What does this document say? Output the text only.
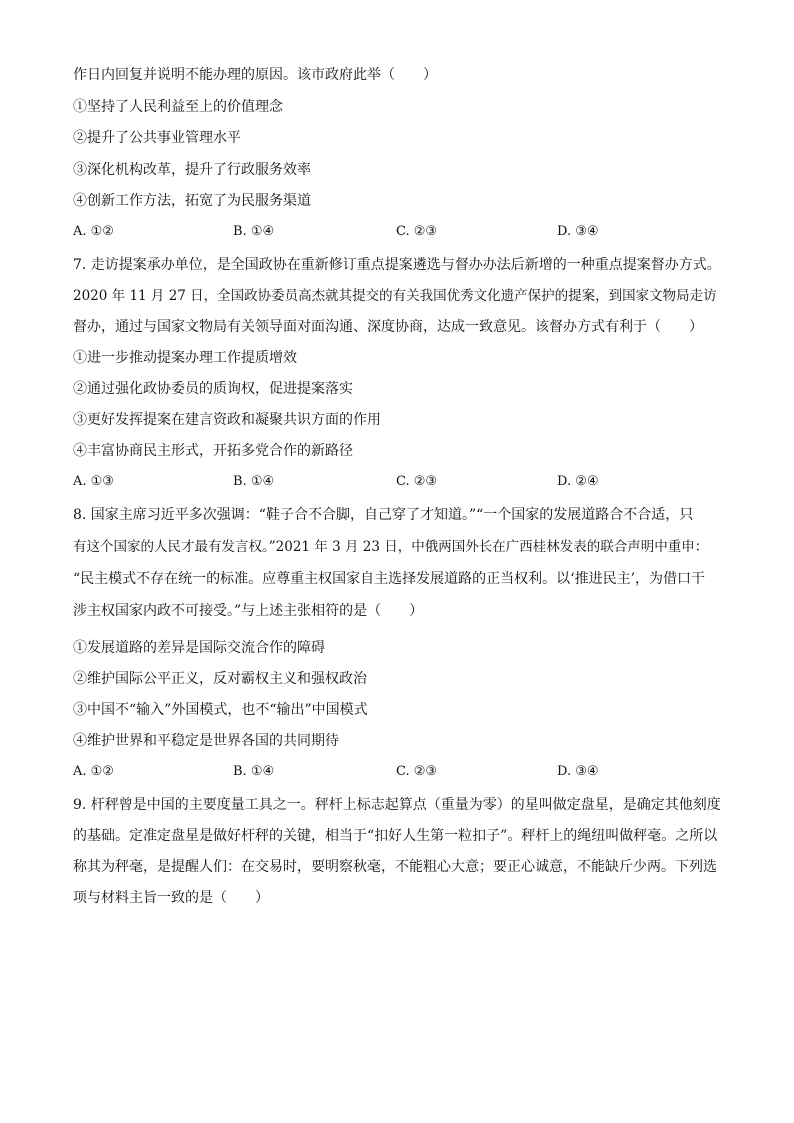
作日内回复并说明不能办理的原因。该市政府此举（　　）
①坚持了人民利益至上的价值理念
②提升了公共事业管理水平
③深化机构改革，提升了行政服务效率
④创新工作方法，拓宽了为民服务渠道
A. ①②	B. ①④	C. ②③	D. ③④
7. 走访提案承办单位，是全国政协在重新修订重点提案遴选与督办办法后新增的一种重点提案督办方式。
2020 年 11 月 27 日，全国政协委员高杰就其提交的有关我国优秀文化遗产保护的提案，到国家文物局走访
督办，通过与国家文物局有关领导面对面沟通、深度协商，达成一致意见。该督办方式有利于（　　）
①进一步推动提案办理工作提质增效
②通过强化政协委员的质询权，促进提案落实
③更好发挥提案在建言资政和凝聚共识方面的作用
④丰富协商民主形式，开拓多党合作的新路径
A. ①③	B. ①④	C. ②③	D. ②④
8. 国家主席习近平多次强调：“鞋子合不合脚，自己穿了才知道。”“一个国家的发展道路合不合适，只
有这个国家的人民才最有发言权。”2021 年 3 月 23 日，中俄两国外长在广西桂林发表的联合声明中重申：
“民主模式不存在统一的标准。应尊重主权国家自主选择发展道路的正当权利。以‘推进民主’，为借口干
涉主权国家内政不可接受。”与上述主张相符的是（　　）
①发展道路的差异是国际交流合作的障碍
②维护国际公平正义，反对霸权主义和强权政治
③中国不“输入”外国模式，也不“输出”中国模式
④维护世界和平稳定是世界各国的共同期待
A. ①②	B. ①④	C. ②③	D. ③④
9. 杆秤曾是中国的主要度量工具之一。秤杆上标志起算点（重量为零）的星叫做定盘星，是确定其他刻度
的基础。定准定盘星是做好杆秤的关键，相当于“扣好人生第一粒扣子”。秤杆上的绳纽叫做秤毫。之所以
称其为秤毫，是提醒人们：在交易时，要明察秋毫，不能粗心大意；要正心诚意，不能缺斤少两。下列选
项与材料主旨一致的是（　　）
